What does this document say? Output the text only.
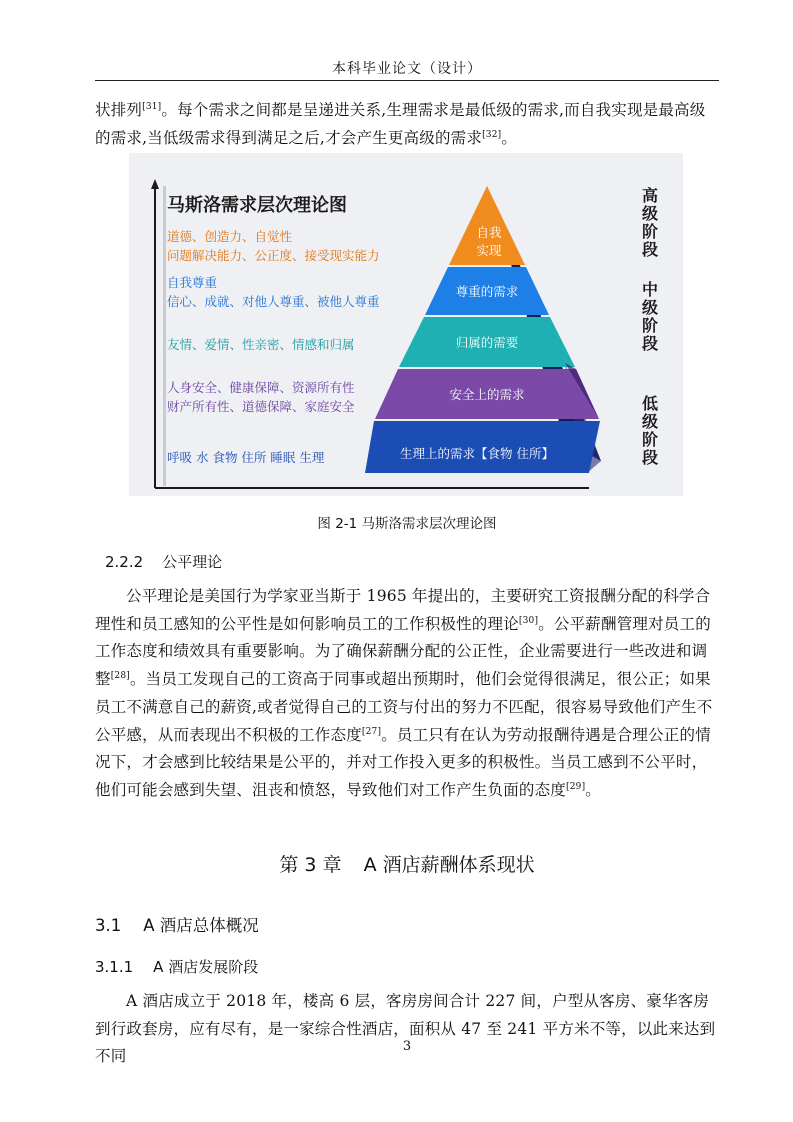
本科毕业论文（设计）

状排列[31]。每个需求之间都是呈递进关系,生理需求是最低级的需求,而自我实现是最高级

的需求,当低级需求得到满足之后,才会产生更高级的需求[32]。

自我
实现
尊重的需求
归属的需要
安全上的需求
生理上的需求【食物 住所】
马斯洛需求层次理论图
道德、创造力、自觉性
问题解决能力、公正度、接受现实能力
自我尊重
信心、成就、对他人尊重、被他人尊重
友情、爱情、性亲密、情感和归属
人身安全、健康保障、资源所有性
财产所有性、道德保障、家庭安全
呼吸 水 食物 住所 睡眠 生理
高级阶段
中级阶段
低级阶段
图 2-1 马斯洛需求层次理论图
2.2.2 公平理论

公平理论是美国行为学家亚当斯于 1965 年提出的，主要研究工资报酬分配的科学合理性和员工感知的公平性是如何影响员工的工作积极性的理论[30]。公平薪酬管理对员工的工作态度和绩效具有重要影响。为了确保薪酬分配的公正性，企业需要进行一些改进和调整[28]。当员工发现自己的工资高于同事或超出预期时，他们会觉得很满足，很公正；如果员工不满意自己的薪资,或者觉得自己的工资与付出的努力不匹配，很容易导致他们产生不公平感，从而表现出不积极的工作态度[27]。员工只有在认为劳动报酬待遇是合理公正的情况下，才会感到比较结果是公平的，并对工作投入更多的积极性。当员工感到不公平时，他们可能会感到失望、沮丧和愤怒，导致他们对工作产生负面的态度[29]。

第 3 章 A 酒店薪酬体系现状
3.1 A 酒店总体概况
3.1.1 A 酒店发展阶段

A 酒店成立于 2018 年，楼高 6 层，客房房间合计 227 间，户型从客房、豪华客房到行政套房，应有尽有，是一家综合性酒店，面积从 47 至 241 平方米不等，以此来达到不同

3
